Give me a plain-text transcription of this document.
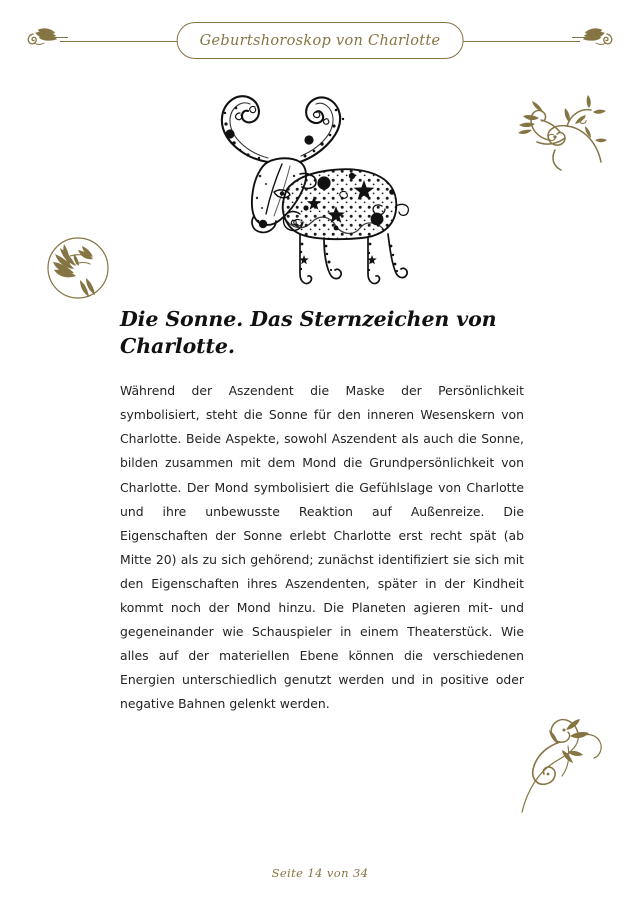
Geburtshoroskop von Charlotte
Die Sonne. Das Sternzeichen von Charlotte.

Während der Aszendent die Maske der Persönlichkeit symbolisiert, steht die Sonne für den inneren Wesenskern von Charlotte. Beide Aspekte, sowohl Aszendent als auch die Sonne, bilden zusammen mit dem Mond die Grundpersönlichkeit von Charlotte. Der Mond symbolisiert die Gefühlslage von Charlotte und ihre unbewusste Reaktion auf Außenreize. Die Eigenschaften der Sonne erlebt Charlotte erst recht spät (ab Mitte 20) als zu sich gehörend; zunächst identifiziert sie sich mit den Eigenschaften ihres Aszendenten, später in der Kindheit kommt noch der Mond hinzu. Die Planeten agieren mit- und gegeneinander wie Schauspieler in einem Theaterstück. Wie alles auf der materiellen Ebene können die verschiedenen Energien unterschiedlich genutzt werden und in positive oder negative Bahnen gelenkt werden.

Seite 14 von 34
